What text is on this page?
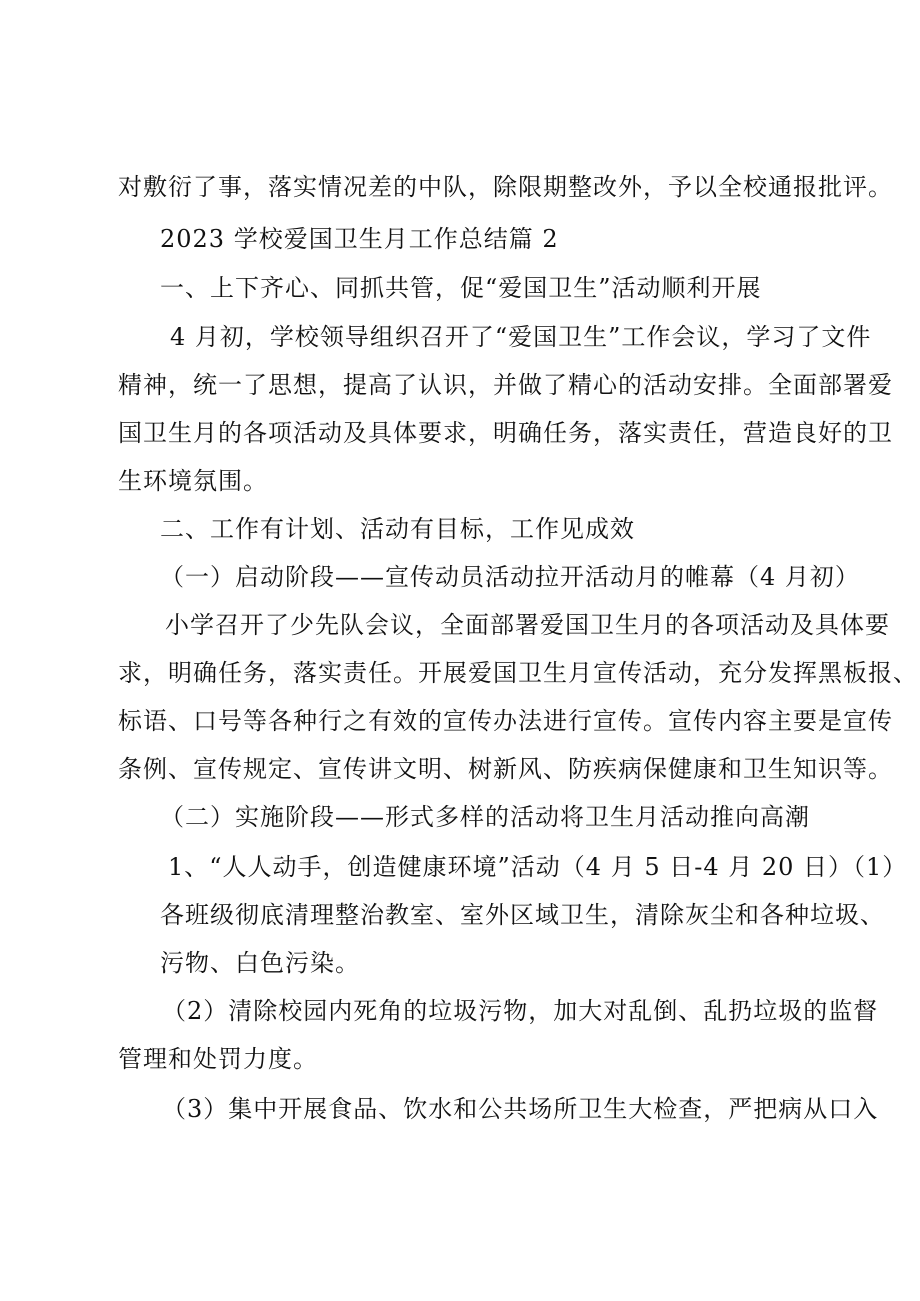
对敷衍了事，落实情况差的中队，除限期整改外，予以全校通报批评。
2023 学校爱国卫生月工作总结篇 2
一、上下齐心、同抓共管，促“爱国卫生”活动顺利开展
4 月初，学校领导组织召开了“爱国卫生”工作会议，学习了文件
精神，统一了思想，提高了认识，并做了精心的活动安排。全面部署爱
国卫生月的各项活动及具体要求，明确任务，落实责任，营造良好的卫
生环境氛围。
二、工作有计划、活动有目标，工作见成效
（一）启动阶段——宣传动员活动拉开活动月的帷幕（4 月初）
小学召开了少先队会议，全面部署爱国卫生月的各项活动及具体要
求，明确任务，落实责任。开展爱国卫生月宣传活动，充分发挥黑板报、
标语、口号等各种行之有效的宣传办法进行宣传。宣传内容主要是宣传
条例、宣传规定、宣传讲文明、树新风、防疾病保健康和卫生知识等。
（二）实施阶段——形式多样的活动将卫生月活动推向高潮
1、“人人动手，创造健康环境”活动（4 月 5 日-4 月 20 日）（1）
各班级彻底清理整治教室、室外区域卫生，清除灰尘和各种垃圾、
污物、白色污染。
（2）清除校园内死角的垃圾污物，加大对乱倒、乱扔垃圾的监督
管理和处罚力度。
（3）集中开展食品、饮水和公共场所卫生大检查，严把病从口入
